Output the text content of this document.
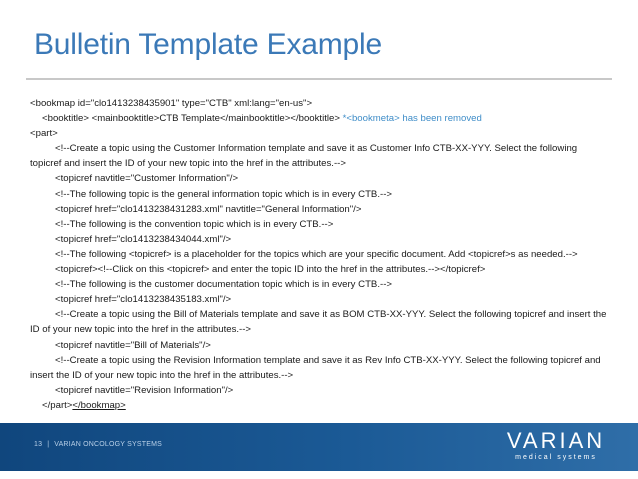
Bulletin Template Example
<bookmap id="clo1413238435901" type="CTB" xml:lang="en-us">
<booktitle> <mainbooktitle>CTB Template</mainbooktitle></booktitle> *<bookmeta> has been removed
<part>
<!--Create a topic using the Customer Information template and save it as Customer Info CTB-XX-YYY. Select the following topicref and insert the ID of your new topic into the href in the attributes.-->
<topicref navtitle="Customer Information"/>
<!--The following topic is the general information topic which is in every CTB.-->
<topicref href="clo1413238431283.xml" navtitle="General Information"/>
<!--The following is the convention topic which is in every CTB.-->
<topicref href="clo1413238434044.xml"/>
<!--The following <topicref> is a placeholder for the topics which are your specific document. Add <topicref>s as needed.-->
<topicref><!--Click on this <topicref> and enter the topic ID into the href in the attributes.--></topicref>
<!--The following is the customer documentation topic which is in every CTB.-->
<topicref href="clo1413238435183.xml"/>
<!--Create a topic using the Bill of Materials template and save it as BOM CTB-XX-YYY. Select the following topicref and insert the ID of your new topic into the href in the attributes.-->
<topicref navtitle="Bill of Materials"/>
<!--Create a topic using the Revision Information template and save it as Rev Info CTB-XX-YYY. Select the following topicref and insert the ID of your new topic into the href in the attributes.-->
<topicref navtitle="Revision Information"/>
</part></bookmap>
13 | VARIAN ONCOLOGY SYSTEMS	VARIAN
medical systems
